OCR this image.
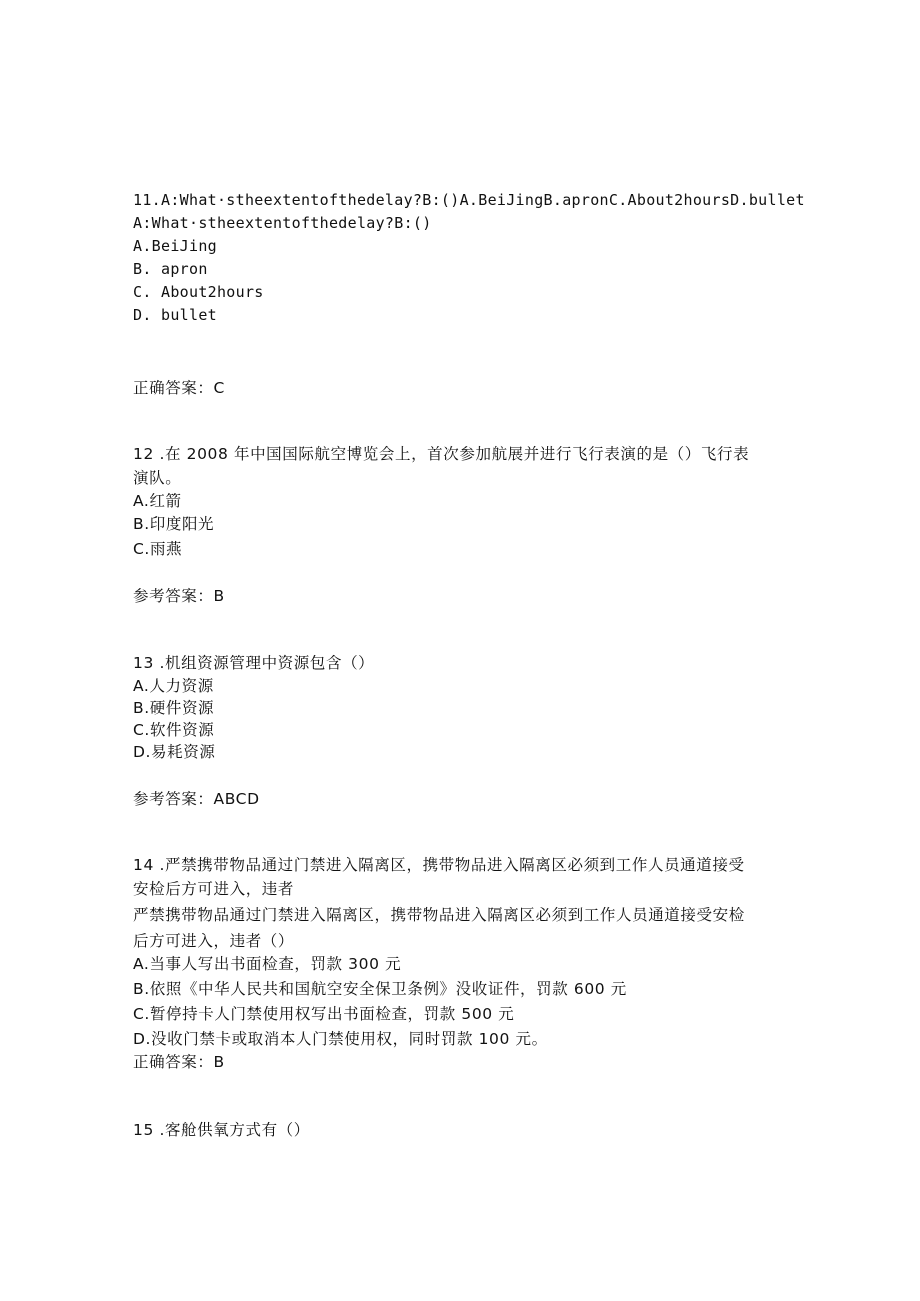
11.A:What·stheextentofthedelay?B:()A.BeiJingB.apronC.About2hoursD.bullet
A:What·stheextentofthedelay?B:()
A.BeiJing
B. apron
C. About2hours
D. bullet
正确答案：C
12 .在 2008 年中国国际航空博览会上，首次参加航展并进行飞行表演的是（）飞行表
演队。
A.红箭
B.印度阳光
C.雨燕
参考答案：B
13 .机组资源管理中资源包含（）
A.人力资源
B.硬件资源
C.软件资源
D.易耗资源
参考答案：ABCD
14 .严禁携带物品通过门禁进入隔离区，携带物品进入隔离区必须到工作人员通道接受
安检后方可进入，违者
严禁携带物品通过门禁进入隔离区，携带物品进入隔离区必须到工作人员通道接受安检
后方可进入，违者（）
A.当事人写出书面检查，罚款 300 元
B.依照《中华人民共和国航空安全保卫条例》没收证件，罚款 600 元
C.暂停持卡人门禁使用权写出书面检查，罚款 500 元
D.没收门禁卡或取消本人门禁使用权，同时罚款 100 元。
正确答案：B
15 .客舱供氧方式有（）
